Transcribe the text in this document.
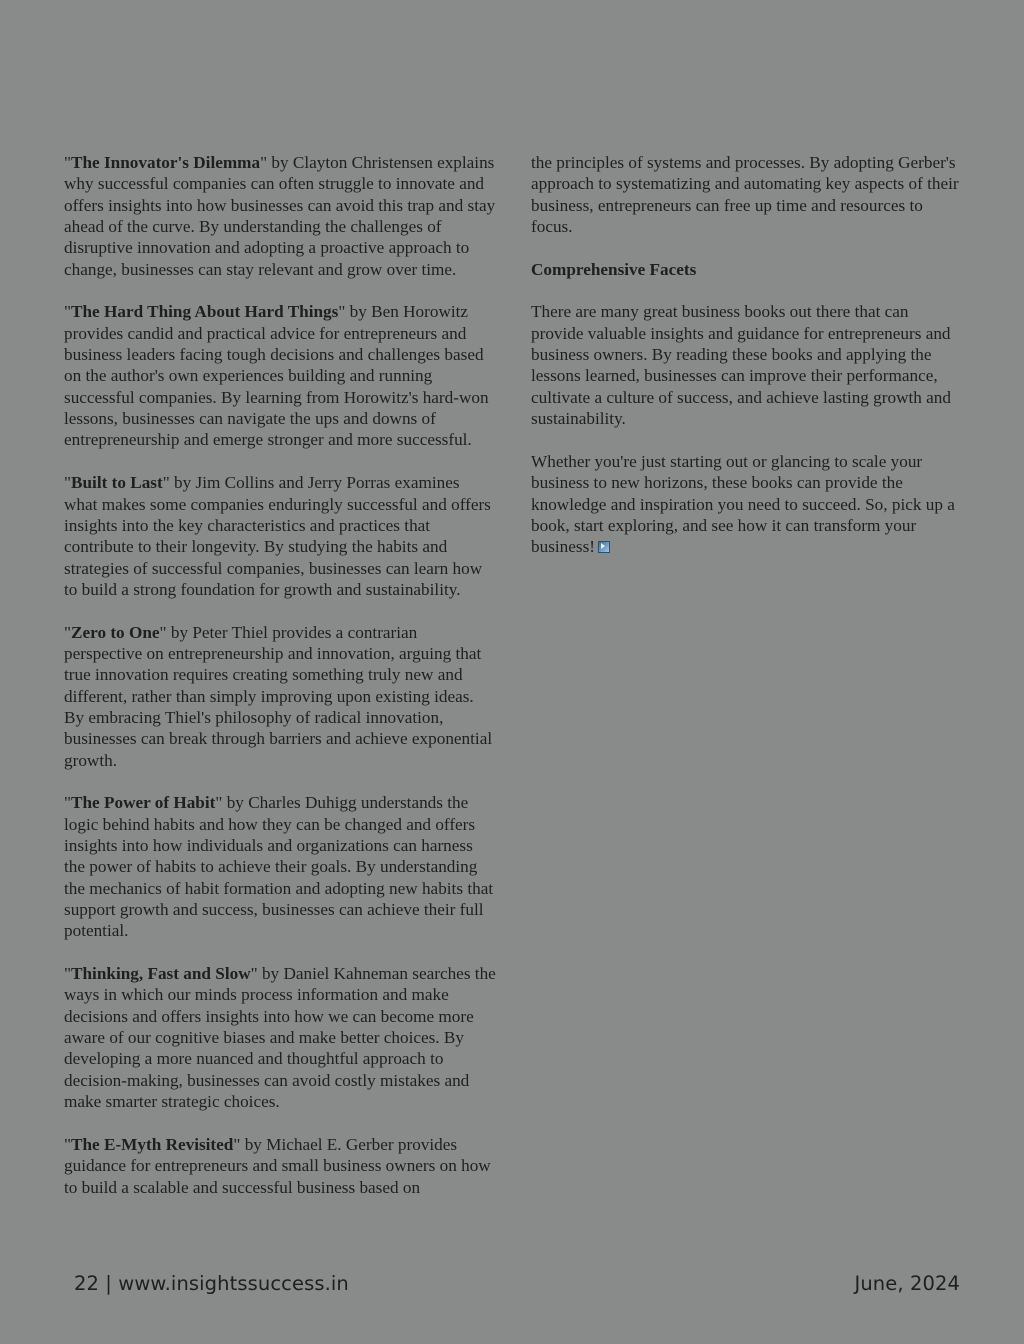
"The Innovator's Dilemma" by Clayton Christensen explains why successful companies can often struggle to innovate and offers insights into how businesses can avoid this trap and stay ahead of the curve. By understanding the challenges of disruptive innovation and adopting a proactive approach to change, businesses can stay relevant and grow over time.

"The Hard Thing About Hard Things" by Ben Horowitz provides candid and practical advice for entrepreneurs and business leaders facing tough decisions and challenges based on the author's own experiences building and running successful companies. By learning from Horowitz's hard-won lessons, businesses can navigate the ups and downs of entrepreneurship and emerge stronger and more successful.

"Built to Last" by Jim Collins and Jerry Porras examines what makes some companies enduringly successful and offers insights into the key characteristics and practices that contribute to their longevity. By studying the habits and strategies of successful companies, businesses can learn how to build a strong foundation for growth and sustainability.

"Zero to One" by Peter Thiel provides a contrarian perspective on entrepreneurship and innovation, arguing that true innovation requires creating something truly new and different, rather than simply improving upon existing ideas. By embracing Thiel's philosophy of radical innovation, businesses can break through barriers and achieve exponential growth.

"The Power of Habit" by Charles Duhigg understands the logic behind habits and how they can be changed and offers insights into how individuals and organizations can harness the power of habits to achieve their goals. By understanding the mechanics of habit formation and adopting new habits that support growth and success, businesses can achieve their full potential.

"Thinking, Fast and Slow" by Daniel Kahneman searches the ways in which our minds process information and make decisions and offers insights into how we can become more aware of our cognitive biases and make better choices. By developing a more nuanced and thoughtful approach to decision-making, businesses can avoid costly mistakes and make smarter strategic choices.

"The E-Myth Revisited" by Michael E. Gerber provides guidance for entrepreneurs and small business owners on how to build a scalable and successful business based on

the principles of systems and processes. By adopting Gerber's approach to systematizing and automating key aspects of their business, entrepreneurs can free up time and resources to focus.

Comprehensive Facets

There are many great business books out there that can provide valuable insights and guidance for entrepreneurs and business owners. By reading these books and applying the lessons learned, businesses can improve their performance, cultivate a culture of success, and achieve lasting growth and sustainability.

Whether you're just starting out or glancing to scale your business to new horizons, these books can provide the knowledge and inspiration you need to succeed. So, pick up a book, start exploring, and see how it can transform your business!

22 | www.insightssuccess.in	June, 2024
